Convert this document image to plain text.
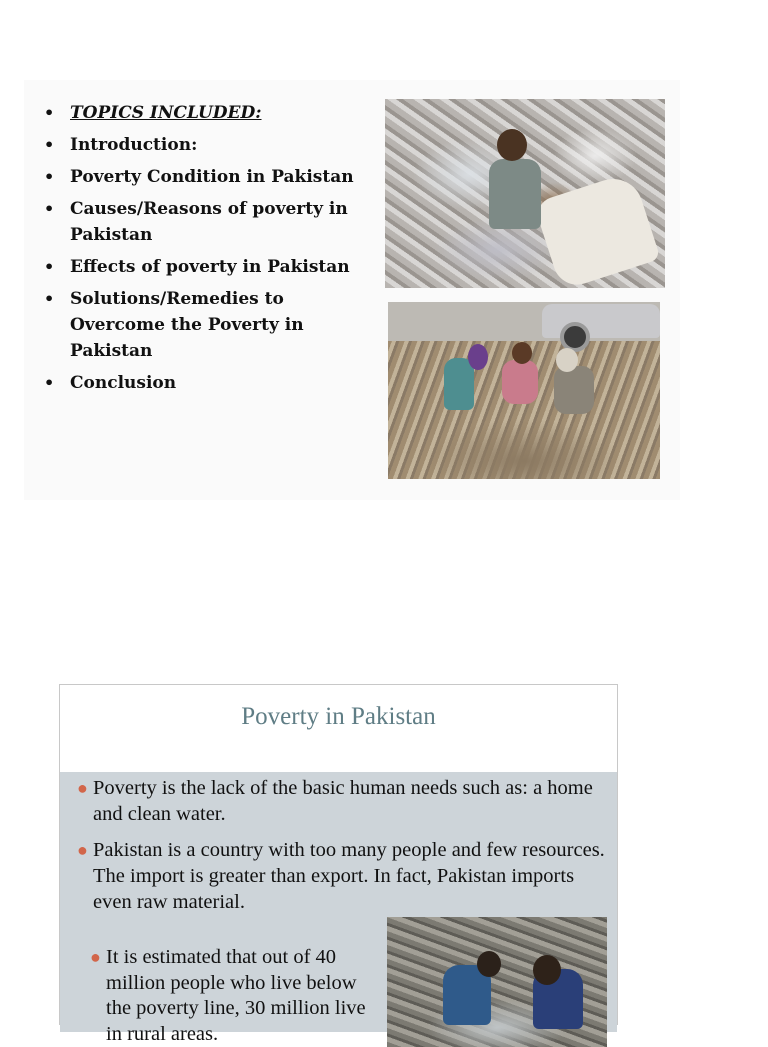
• TOPICS INCLUDED:
• Introduction:
• Poverty Condition in Pakistan
• Causes/Reasons of poverty in Pakistan
• Effects of poverty in Pakistan
• Solutions/Remedies to Overcome the Poverty in Pakistan
• Conclusion
Poverty in Pakistan
● Poverty is the lack of the basic human needs such as: a home and clean water.
● Pakistan is a country with too many people and few resources. The import is greater than export. In fact, Pakistan imports even raw material.
● It is estimated that out of 40 million people who live below the poverty line, 30 million live in rural areas.
